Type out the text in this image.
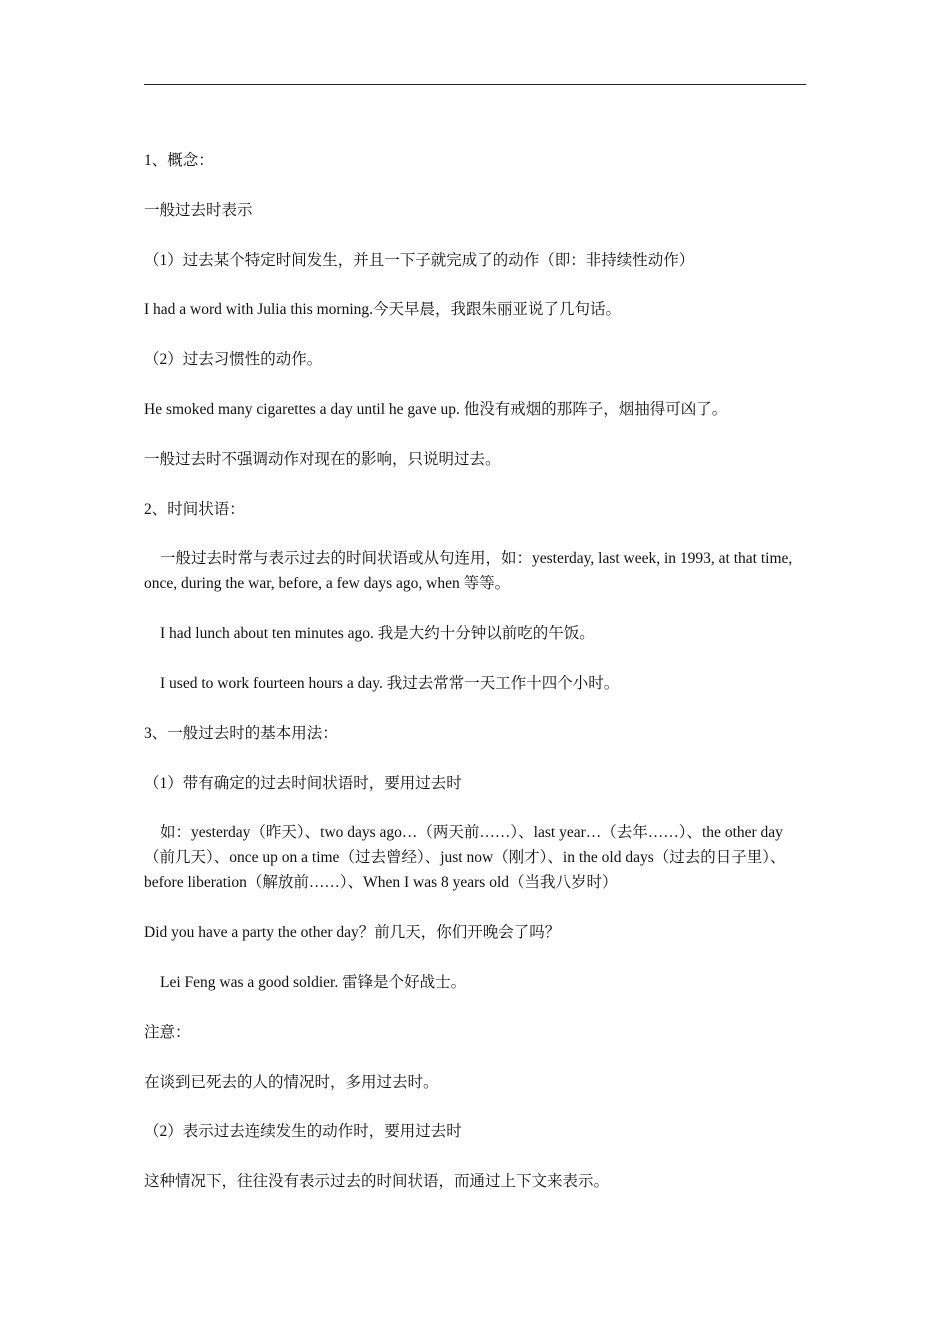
1、概念：

一般过去时表示

（1）过去某个特定时间发生，并且一下子就完成了的动作（即：非持续性动作）

I had a word with Julia this morning.今天早晨，我跟朱丽亚说了几句话。

（2）过去习惯性的动作。

He smoked many cigarettes a day until he gave up. 他没有戒烟的那阵子，烟抽得可凶了。

一般过去时不强调动作对现在的影响，只说明过去。

2、时间状语：

一般过去时常与表示过去的时间状语或从句连用，如：yesterday, last week, in 1993, at that time, once, during the war, before, a few days ago, when 等等。

I had lunch about ten minutes ago. 我是大约十分钟以前吃的午饭。

I used to work fourteen hours a day. 我过去常常一天工作十四个小时。

3、一般过去时的基本用法：

（1）带有确定的过去时间状语时，要用过去时

如：yesterday（昨天）、two days ago…（两天前……）、last year…（去年……）、the other day（前几天）、once up on a time（过去曾经）、just now（刚才）、in the old days（过去的日子里）、before liberation（解放前……）、When I was 8 years old（当我八岁时）

Did you have a party the other day？前几天，你们开晚会了吗？

Lei Feng was a good soldier. 雷锋是个好战士。

注意：

在谈到已死去的人的情况时，多用过去时。

（2）表示过去连续发生的动作时，要用过去时

这种情况下，往往没有表示过去的时间状语，而通过上下文来表示。
